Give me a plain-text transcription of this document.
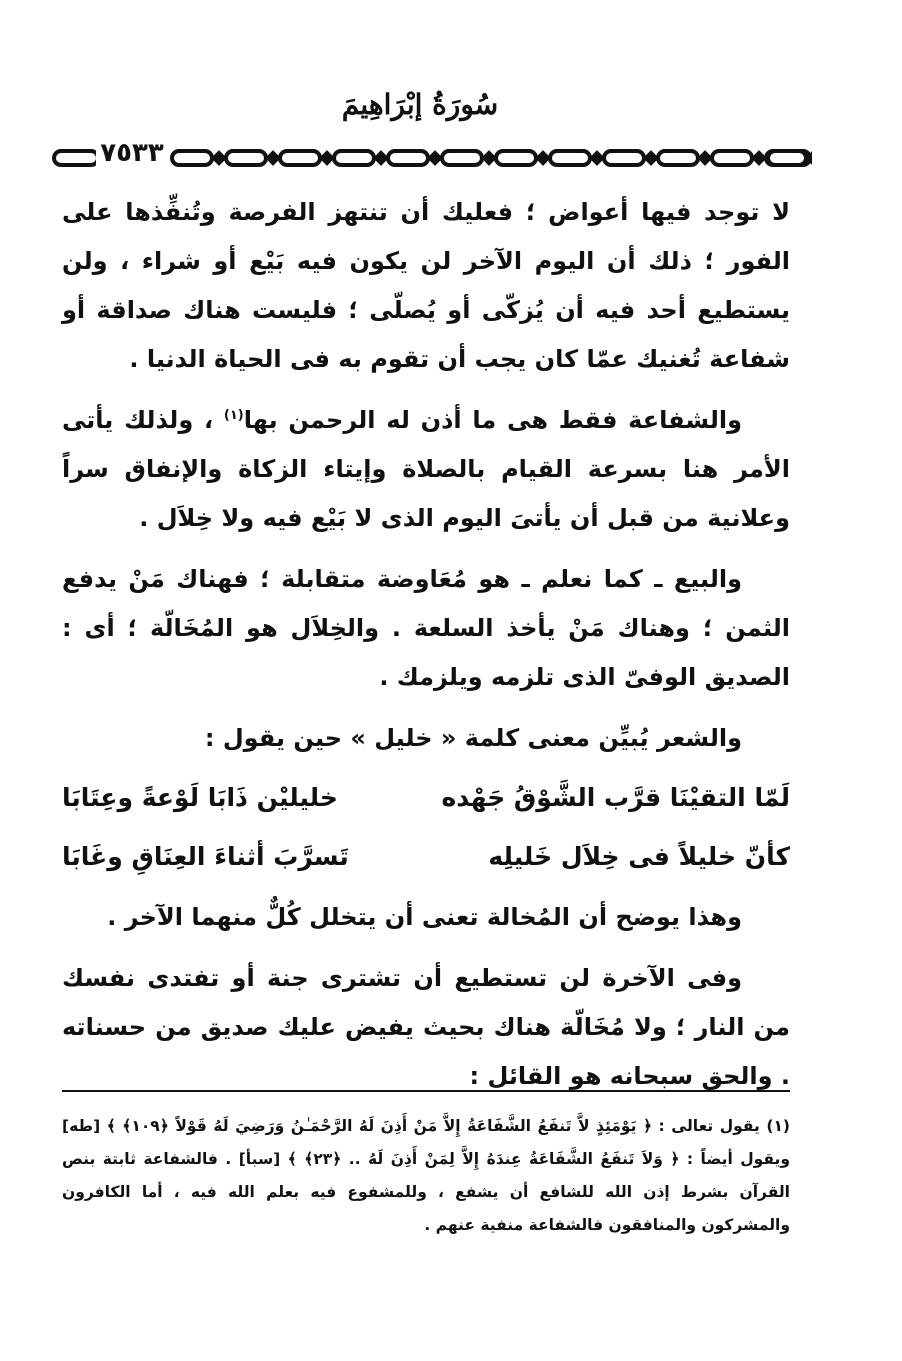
سُورَةُ إبْرَاهِيمَ
٧٥٣٣

لا توجد فيها أعواض ؛ فعليك أن تنتهز الفرصة وتُنفِّذها على الفور ؛ ذلك أن اليوم الآخر لن يكون فيه بَيْع أو شراء ، ولن يستطيع أحد فيه أن يُزكّى أو يُصلّى ؛ فليست هناك صداقة أو شفاعة تُغنيك عمّا كان يجب أن تقوم به فى الحياة الدنيا .

والشفاعة فقط هى ما أذن له الرحمن بها$^{(١)}$ ، ولذلك يأتى الأمر هنا بسرعة القيام بالصلاة وإيتاء الزكاة والإنفاق سراً وعلانية من قبل أن يأتىَ اليوم الذى لا بَيْع فيه ولا خِلاَل .

والبيع ـ كما نعلم ـ هو مُعَاوضة متقابلة ؛ فهناك مَنْ يدفع الثمن ؛ وهناك مَنْ يأخذ السلعة . والخِلاَل هو المُخَالّة ؛ أى : الصديق الوفىّ الذى تلزمه ويلزمك .

والشعر يُبيِّن معنى كلمة « خليل » حين يقول :

لَمّا التقيْنَا قرَّب الشَّوْقُ جَهْده
خليليْن ذَابَا لَوْعةً وعِتَابَا
كأنّ خليلاً فى خِلاَل خَليلِه
تَسرَّبَ أثناءَ العِنَاقِ وغَابَا

وهذا يوضح أن المُخالة تعنى أن يتخلل كُلٌّ منهما الآخر .

وفى الآخرة لن تستطيع أن تشترى جنة أو تفتدى نفسك من النار ؛ ولا مُخَالّة هناك بحيث يفيض عليك صديق من حسناته . والحق سبحانه هو القائل :

(١) يقول تعالى : ﴿ يَوْمَئِذٍ لاَّ تَنفَعُ الشَّفَاعَةُ إِلاَّ مَنْ أَذِنَ لَهُ الرَّحْمَـٰنُ وَرَضِيَ لَهُ قَوْلاً ﴿١٠٩﴾ ﴾ [طه] ويقول أيضاً : ﴿ وَلاَ تَنفَعُ الشَّفَاعَةُ عِندَهُ إِلاَّ لِمَنْ أَذِنَ لَهُ .. ﴿٢٣﴾ ﴾ [سبأ] . فالشفاعة ثابتة بنص القرآن بشرط إذن الله للشافع أن يشفع ، وللمشفوع فيه بعلم الله فيه ، أما الكافرون والمشركون والمنافقون فالشفاعة منفية عنهم .
